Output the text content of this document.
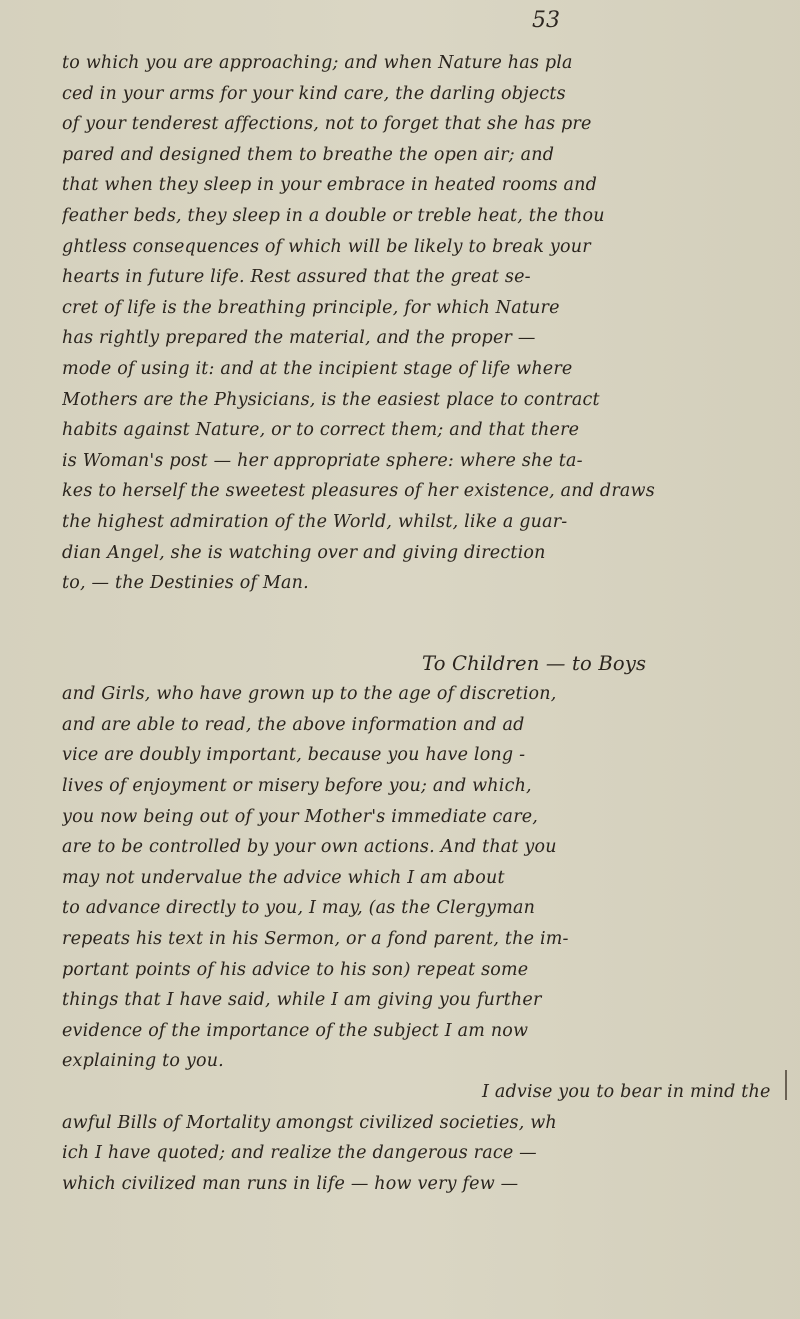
53
to which you are approaching; and when Nature has pla
ced in your arms for your kind care, the darling objects
of your tenderest affections, not to forget that she has pre
pared and designed them to breathe the open air; and
that when they sleep in your embrace in heated rooms and
feather beds, they sleep in a double or treble heat, the thou
ghtless consequences of which will be likely to break your
hearts in future life. Rest assured that the great se-
cret of life is the breathing principle, for which Nature
has rightly prepared the material, and the proper —
mode of using it: and at the incipient stage of life where
Mothers are the Physicians, is the easiest place to contract
habits against Nature, or to correct them; and that there
is Woman's post — her appropriate sphere: where she ta-
kes to herself the sweetest pleasures of her existence, and draws
the highest admiration of the World, whilst, like a guar-
dian Angel, she is watching over and giving direction
to, — the Destinies of Man.
To Children — to Boys
and Girls, who have grown up to the age of discretion,
and are able to read, the above information and ad
vice are doubly important, because you have long -
lives of enjoyment or misery before you; and which,
you now being out of your Mother's immediate care,
are to be controlled by your own actions. And that you
may not undervalue the advice which I am about
to advance directly to you, I may, (as the Clergyman
repeats his text in his Sermon, or a fond parent, the im-
portant points of his advice to his son) repeat some
things that I have said, while I am giving you further
evidence of the importance of the subject I am now
explaining to you.
I advise you to bear in mind the
awful Bills of Mortality amongst civilized societies, wh
ich I have quoted; and realize the dangerous race —
which civilized man runs in life — how very few —
